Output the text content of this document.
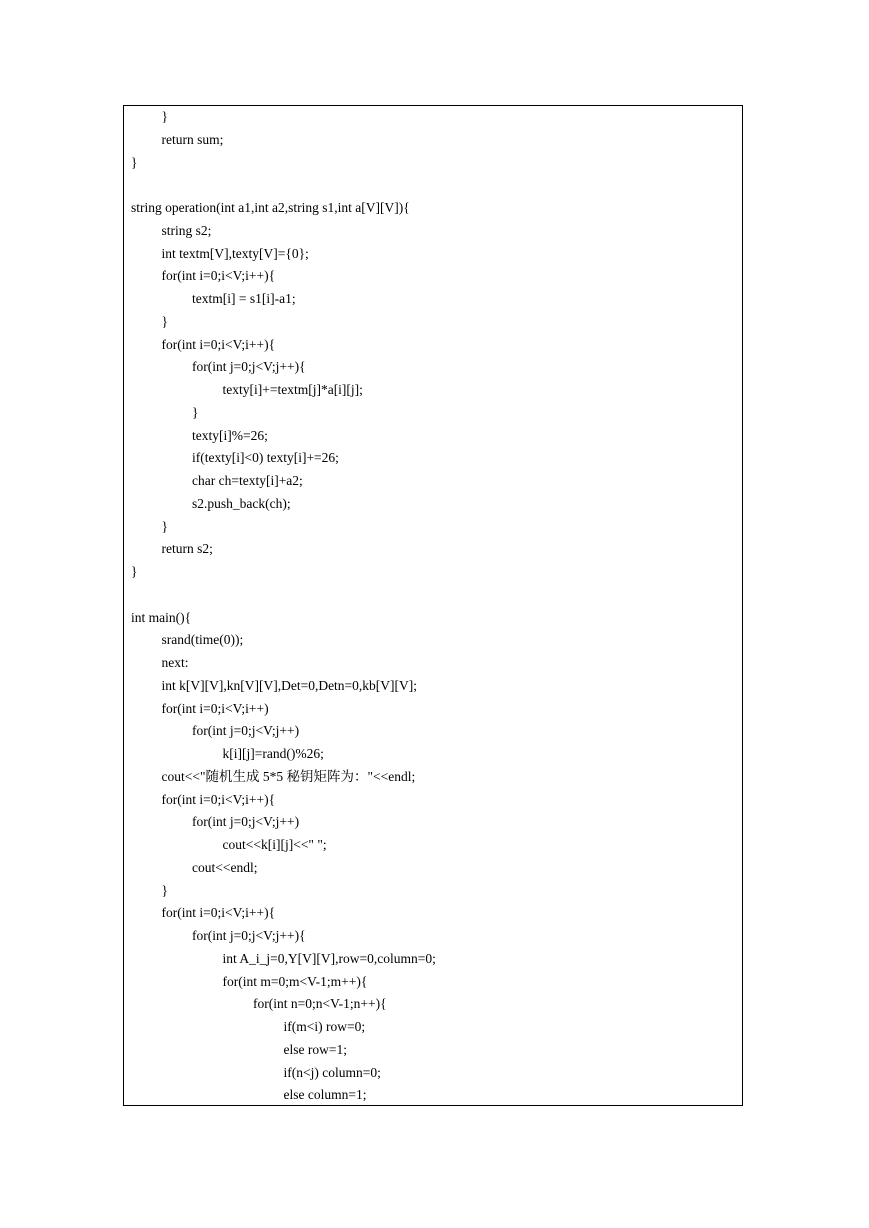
}
return sum;
}
string operation(int a1,int a2,string s1,int a[V][V]){
string s2;
int textm[V],texty[V]={0};
for(int i=0;i<V;i++){
textm[i] = s1[i]-a1;
}
for(int i=0;i<V;i++){
for(int j=0;j<V;j++){
texty[i]+=textm[j]*a[i][j];
}
texty[i]%=26;
if(texty[i]<0) texty[i]+=26;
char ch=texty[i]+a2;
s2.push_back(ch);
}
return s2;
}
int main(){
srand(time(0));
next:
int k[V][V],kn[V][V],Det=0,Detn=0,kb[V][V];
for(int i=0;i<V;i++)
for(int j=0;j<V;j++)
k[i][j]=rand()%26;
cout<<"随机生成 5*5 秘钥矩阵为："<<endl;
for(int i=0;i<V;i++){
for(int j=0;j<V;j++)
cout<<k[i][j]<<" ";
cout<<endl;
}
for(int i=0;i<V;i++){
for(int j=0;j<V;j++){
int A_i_j=0,Y[V][V],row=0,column=0;
for(int m=0;m<V-1;m++){
for(int n=0;n<V-1;n++){
if(m<i) row=0;
else row=1;
if(n<j) column=0;
else column=1;
